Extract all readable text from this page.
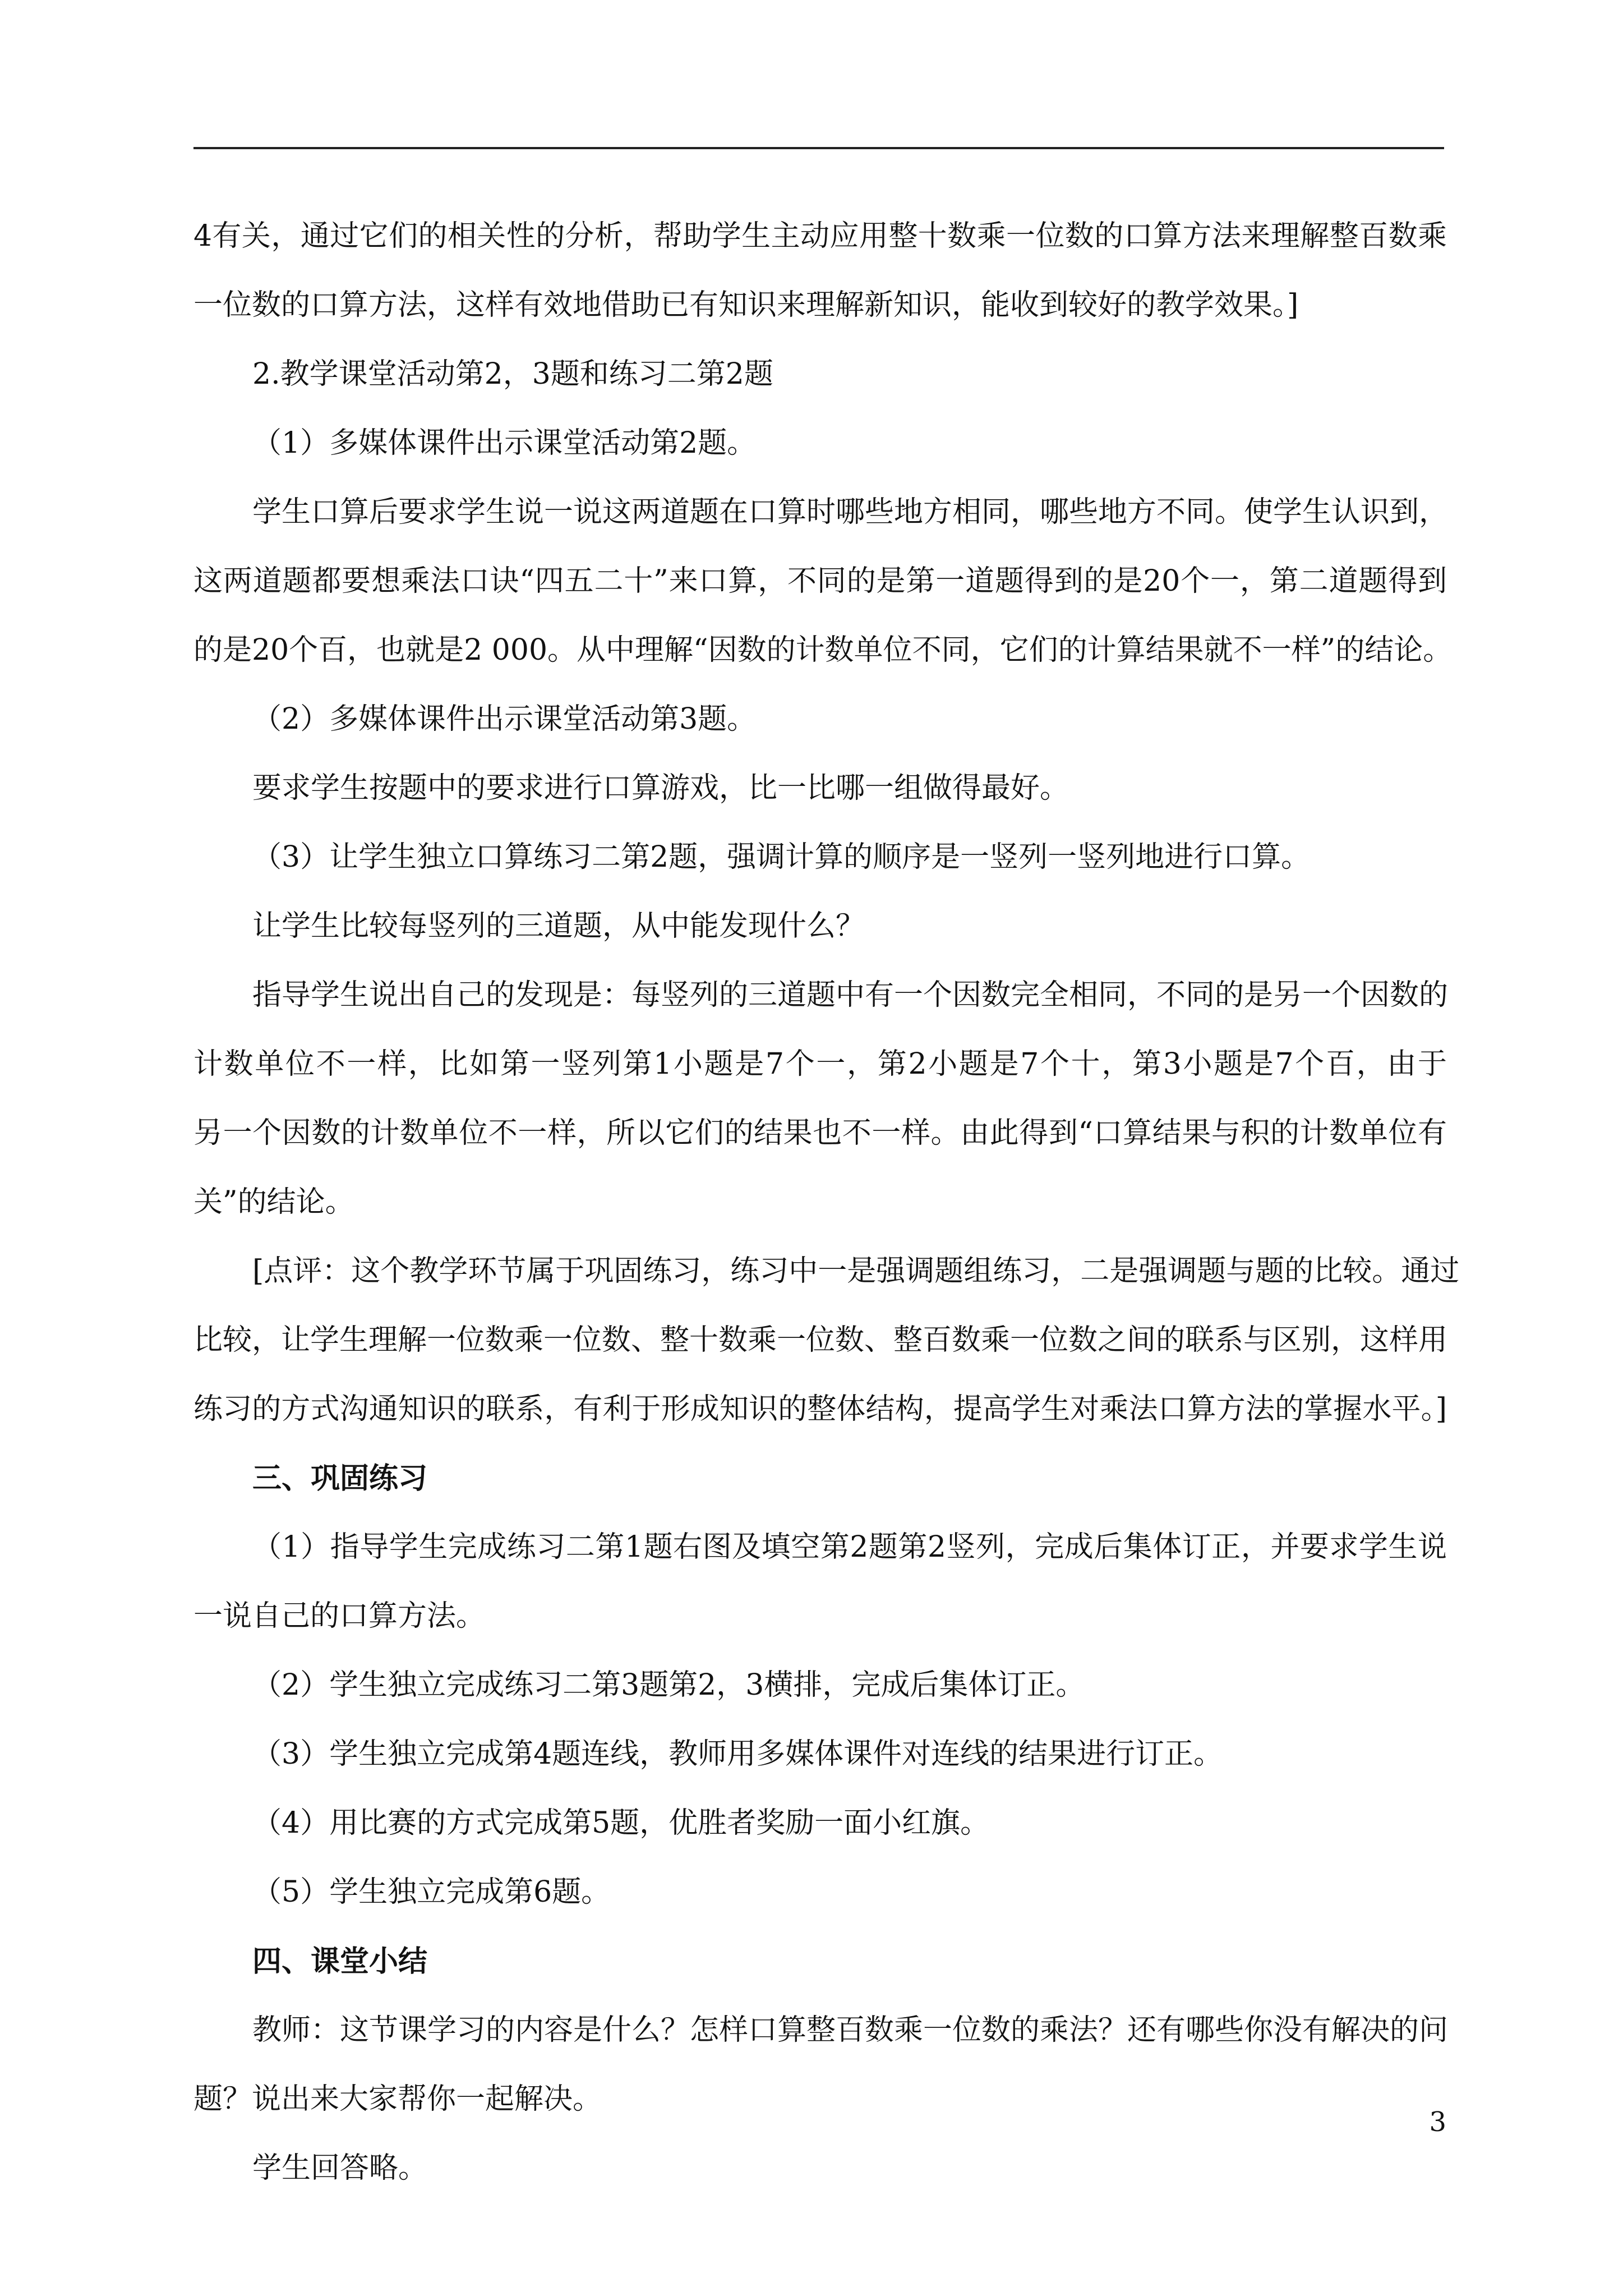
4有关，通过它们的相关性的分析，帮助学生主动应用整十数乘一位数的口算方法来理解整百数乘
一位数的口算方法，这样有效地借助已有知识来理解新知识，能收到较好的教学效果。]
2.教学课堂活动第2，3题和练习二第2题
（1）多媒体课件出示课堂活动第2题。
学生口算后要求学生说一说这两道题在口算时哪些地方相同，哪些地方不同。使学生认识到，
这两道题都要想乘法口诀“四五二十”来口算，不同的是第一道题得到的是20个一，第二道题得到
的是20个百，也就是2 000。从中理解“因数的计数单位不同，它们的计算结果就不一样”的结论。
（2）多媒体课件出示课堂活动第3题。
要求学生按题中的要求进行口算游戏，比一比哪一组做得最好。
（3）让学生独立口算练习二第2题，强调计算的顺序是一竖列一竖列地进行口算。
让学生比较每竖列的三道题，从中能发现什么？
指导学生说出自己的发现是：每竖列的三道题中有一个因数完全相同，不同的是另一个因数的
计数单位不一样，比如第一竖列第1小题是7个一，第2小题是7个十，第3小题是7个百，由于
另一个因数的计数单位不一样，所以它们的结果也不一样。由此得到“口算结果与积的计数单位有
关”的结论。
[点评：这个教学环节属于巩固练习，练习中一是强调题组练习，二是强调题与题的比较。通过
比较，让学生理解一位数乘一位数、整十数乘一位数、整百数乘一位数之间的联系与区别，这样用
练习的方式沟通知识的联系，有利于形成知识的整体结构，提高学生对乘法口算方法的掌握水平。]
三、巩固练习
（1）指导学生完成练习二第1题右图及填空第2题第2竖列，完成后集体订正，并要求学生说
一说自己的口算方法。
（2）学生独立完成练习二第3题第2，3横排，完成后集体订正。
（3）学生独立完成第4题连线，教师用多媒体课件对连线的结果进行订正。
（4）用比赛的方式完成第5题，优胜者奖励一面小红旗。
（5）学生独立完成第6题。
四、课堂小结
教师：这节课学习的内容是什么？怎样口算整百数乘一位数的乘法？还有哪些你没有解决的问
题？说出来大家帮你一起解决。
学生回答略。
3
